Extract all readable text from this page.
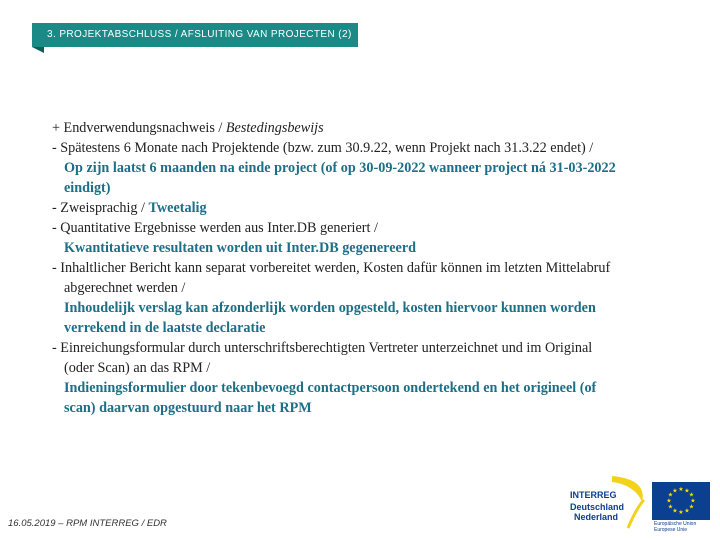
3. PROJEKTABSCHLUSS / AFSLUITING VAN PROJECTEN (2)
+ Endverwendungsnachweis / Bestedingsbewijs
- Spätestens 6 Monate nach Projektende (bzw. zum 30.9.22, wenn Projekt nach 31.3.22 endet) /
Op zijn laatst 6 maanden na einde project (of op 30-09-2022 wanneer project ná 31-03-2022
eindigt)
- Zweisprachig / Tweetalig
- Quantitative Ergebnisse werden aus Inter.DB generiert /
Kwantitatieve resultaten worden uit Inter.DB gegenereerd
- Inhaltlicher Bericht kann separat vorbereitet werden, Kosten dafür können im letzten Mittelabruf
abgerechnet werden /
Inhoudelijk verslag kan afzonderlijk worden opgesteld, kosten hiervoor kunnen worden
verrekend in de laatste declaratie
- Einreichungsformular durch unterschriftsberechtigten Vertreter unterzeichnet und im Original
(oder Scan) an das RPM /
Indieningsformulier door tekenbevoegd contactpersoon ondertekend en het origineel (of
scan) daarvan opgestuurd naar het RPM
16.05.2019 – RPM INTERREG / EDR
INTERREG
Deutschland
Nederland
★ ★
★
★
★
★
★
★
★
★
★
★
Europäische Union
Europese Unie
